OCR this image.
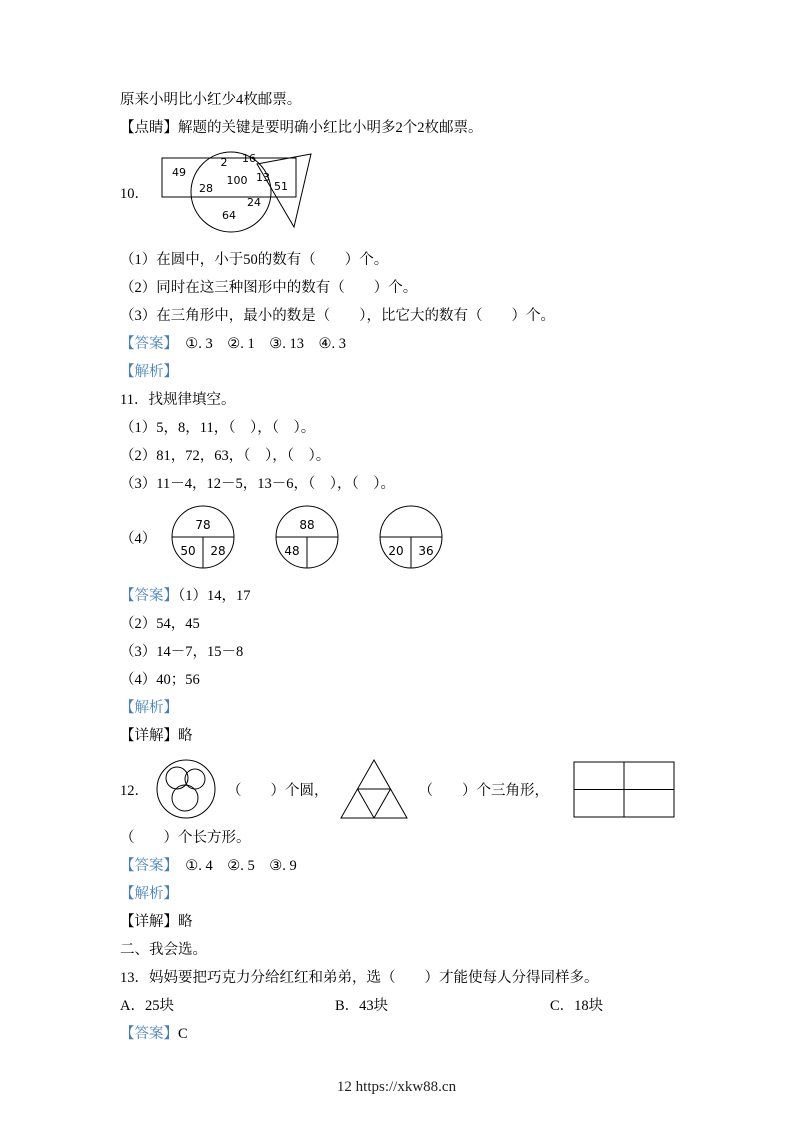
原来小明比小红少4枚邮票。

【点睛】解题的关键是要明确小红比小明多2个2枚邮票。

10．
49
2 16
100 13
28
24
64
51

（1）在圆中，小于50的数有（　　）个。

（2）同时在这三种图形中的数有（　　）个。

（3）在三角形中，最小的数是（　　），比它大的数有（　　）个。

【答案】　①. 3　②. 1　③. 13　④. 3

【解析】

11．找规律填空。

（1）5，8，11，（　），（　）。

（2）81，72，63，（　），（　）。

（3）11－4，12－5，13－6，（　），（　）。

（4）
78
50 28
88
48	20 36

【答案】（1）14，17

（2）54，45

（3）14－7，15－8

（4）40；56

【解析】

【详解】略

12．	（　　）个圆，	（　　）个三角形，

（　　）个长方形。

【答案】　①. 4　②. 5　③. 9

【解析】

【详解】略

二、我会选。

13．妈妈要把巧克力分给红红和弟弟，选（　　）才能使每人分得同样多。

A．25块	B．43块	C．18块

【答案】C

12 https://xkw88.cn
